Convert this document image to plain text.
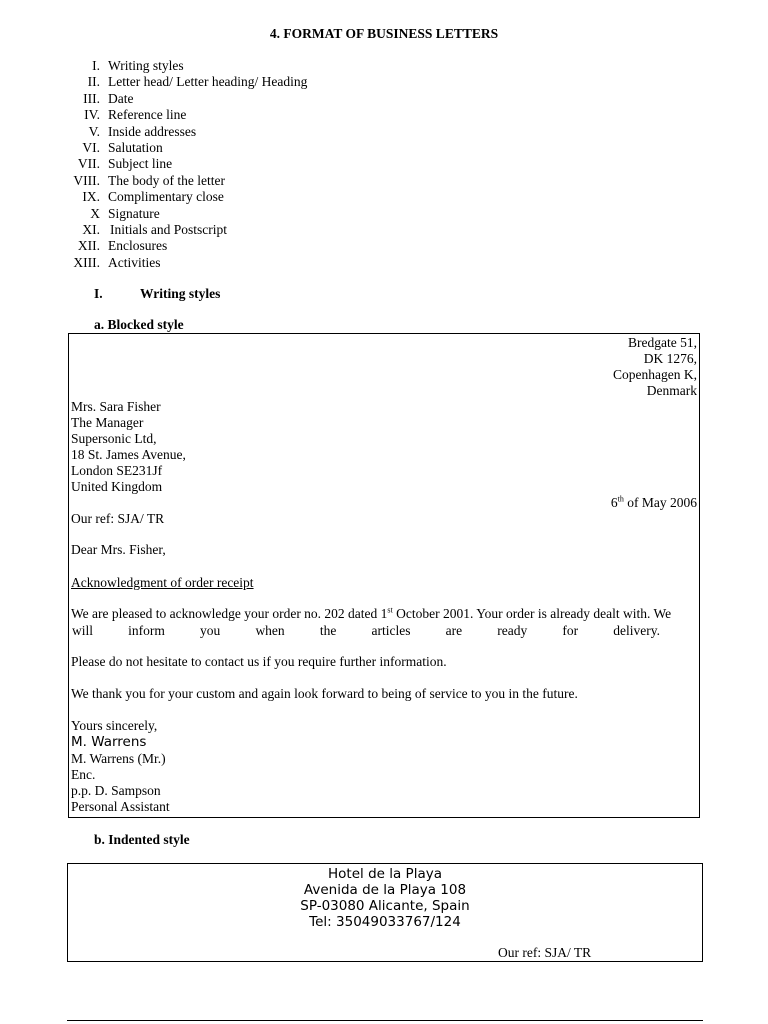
4. FORMAT OF BUSINESS LETTERS
I. Writing styles
II. Letter head/ Letter heading/ Heading
III. Date
IV. Reference line
V. Inside addresses
VI. Salutation
VII. Subject line
VIII. The body of the letter
IX. Complimentary close
X Signature
XI. Initials and Postscript
XII. Enclosures
XIII. Activities
I.	Writing styles
a. Blocked style
Bredgate 51,
DK 1276,
Copenhagen K,
Denmark
Mrs. Sara Fisher
The Manager
Supersonic Ltd,
18 St. James Avenue,
London SE231Jf
United Kingdom
6th of May 2006
Our ref: SJA/ TR
Dear Mrs. Fisher,
Acknowledgment of order receipt
We are pleased to acknowledge your order no. 202 dated 1st October 2001. Your order is already dealt with. We
will	inform	you	when	the	articles	are	ready	for	delivery.
Please do not hesitate to contact us if you require further information.
We thank you for your custom and again look forward to being of service to you in the future.
Yours sincerely,
M. Warrens
M. Warrens (Mr.)
Enc.
p.p. D. Sampson
Personal Assistant
b. Indented style
Hotel de la Playa
Avenida de la Playa 108
SP-03080 Alicante, Spain
Tel: 35049033767/124
Our ref: SJA/ TR
